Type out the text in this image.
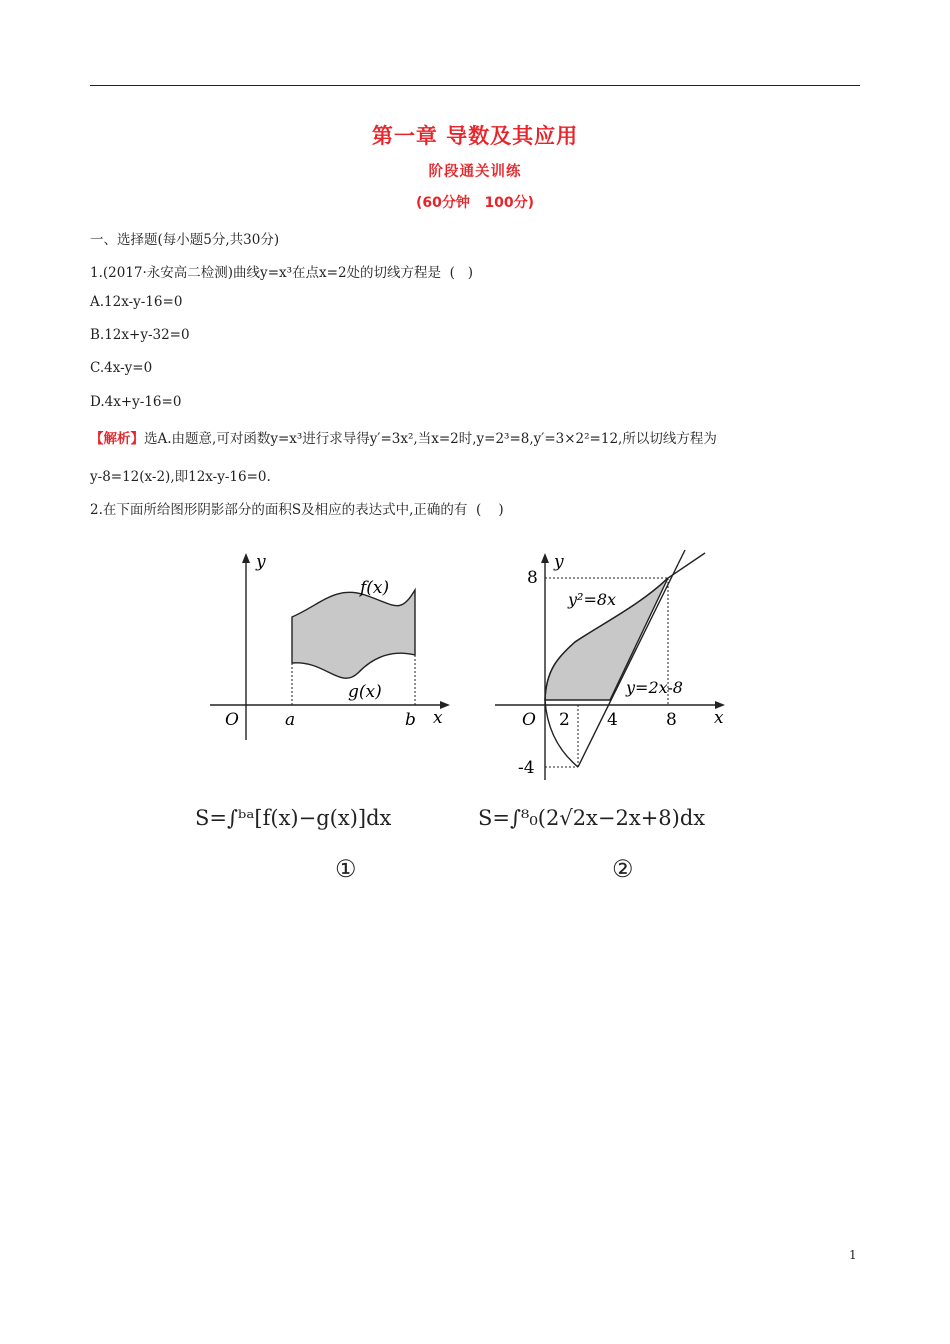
第一章 导数及其应用
阶段通关训练
(60分钟   100分)
一、选择题(每小题5分,共30分)
1.(2017·永安高二检测)曲线y=x³在点x=2处的切线方程是  (   )
A.12x-y-16=0
B.12x+y-32=0
C.4x-y=0
D.4x+y-16=0
【解析】选A.由题意,可对函数y=x³进行求导得y′=3x²,当x=2时,y=2³=8,y′=3×2²=12,所以切线方程为
y-8=12(x-2),即12x-y-16=0.
2.在下面所给图形阴影部分的面积S及相应的表达式中,正确的有  (    )
y
x
O	a	b
f(x)
g(x)
S=∫ᵇᵃ[f(x)−g(x)]dx
①
y
x
O 2 4	8
8
-4
y²=8x
y=2x-8
S=∫⁸₀(2√2x−2x+8)dx
②
1
